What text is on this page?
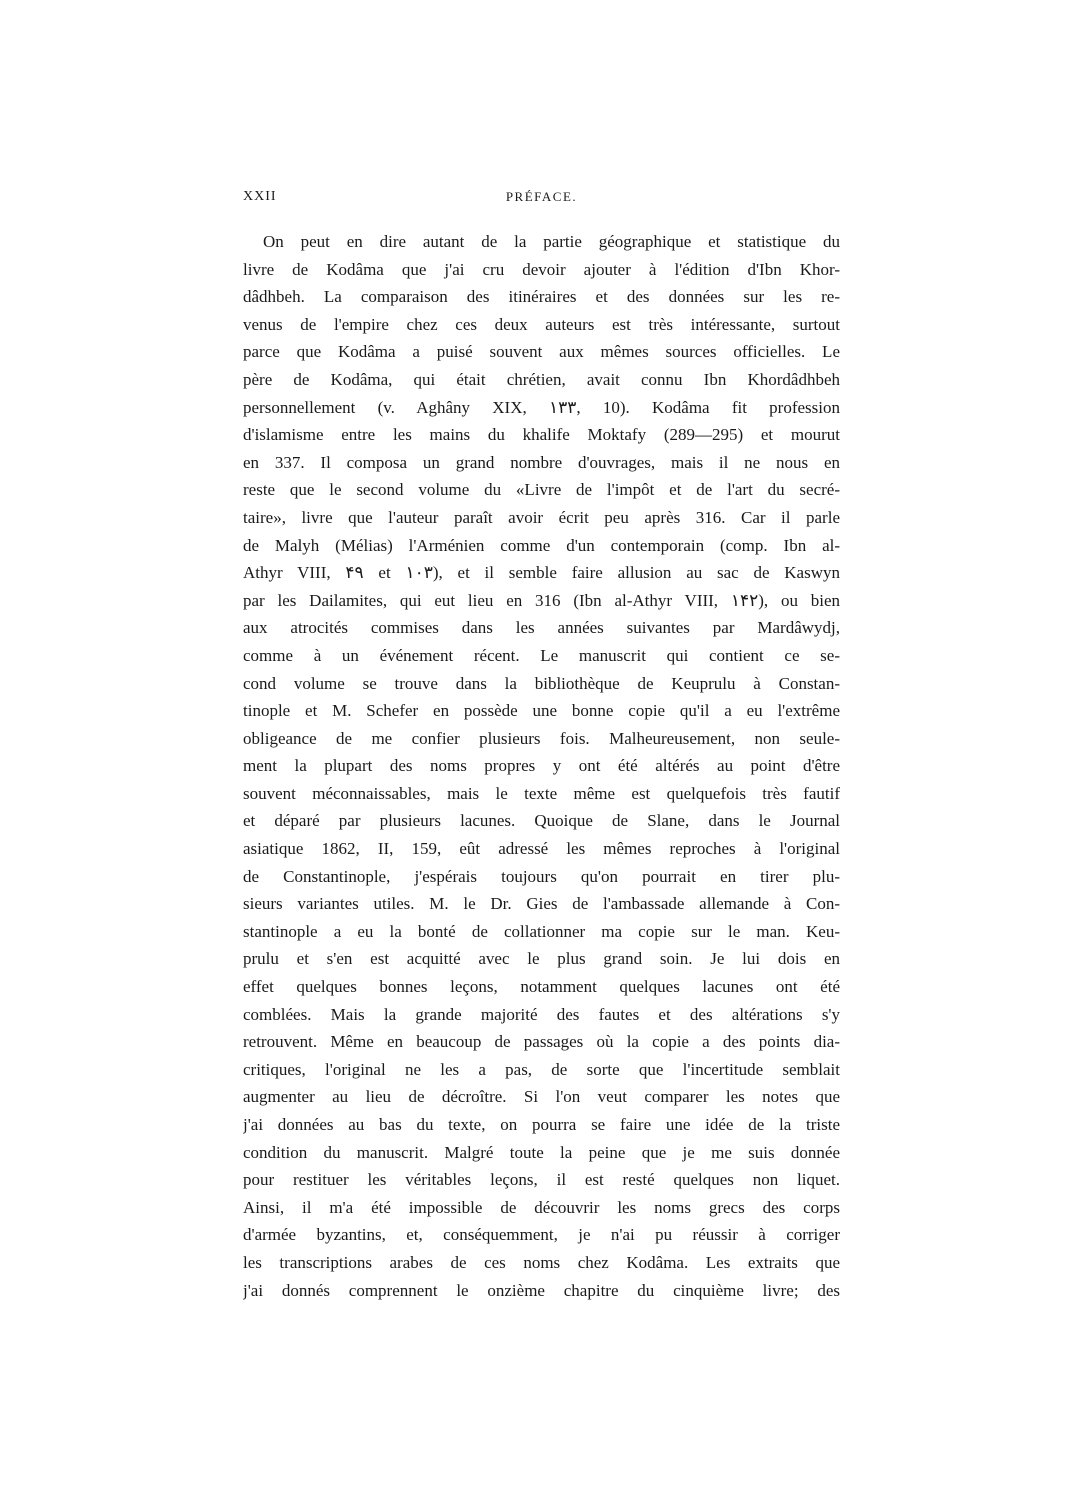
XXII	PRÉFACE.
On peut en dire autant de la partie géographique et statistique du
livre de Kodâma que j'ai cru devoir ajouter à l'édition d'Ibn Khor-
dâdhbeh. La comparaison des itinéraires et des données sur les re-
venus de l'empire chez ces deux auteurs est très intéressante, surtout
parce que Kodâma a puisé souvent aux mêmes sources officielles. Le
père de Kodâma, qui était chrétien, avait connu Ibn Khordâdhbeh
personnellement (v. Aghâny XIX, ۱۳۳, 10). Kodâma fit profession
d'islamisme entre les mains du khalife Moktafy (289—295) et mourut
en 337. Il composa un grand nombre d'ouvrages, mais il ne nous en
reste que le second volume du «Livre de l'impôt et de l'art du secré-
taire», livre que l'auteur paraît avoir écrit peu après 316. Car il parle
de Malyh (Mélias) l'Arménien comme d'un contemporain (comp. Ibn al-
Athyr VIII, ۴۹ et ۱۰۳), et il semble faire allusion au sac de Kaswyn
par les Dailamites, qui eut lieu en 316 (Ibn al-Athyr VIII, ۱۴۲), ou bien
aux atrocités commises dans les années suivantes par Mardâwydj,
comme à un événement récent. Le manuscrit qui contient ce se-
cond volume se trouve dans la bibliothèque de Keuprulu à Constan-
tinople et M. Schefer en possède une bonne copie qu'il a eu l'extrême
obligeance de me confier plusieurs fois. Malheureusement, non seule-
ment la plupart des noms propres y ont été altérés au point d'être
souvent méconnaissables, mais le texte même est quelquefois très fautif
et déparé par plusieurs lacunes. Quoique de Slane, dans le Journal
asiatique 1862, II, 159, eût adressé les mêmes reproches à l'original
de Constantinople, j'espérais toujours qu'on pourrait en tirer plu-
sieurs variantes utiles. M. le Dr. Gies de l'ambassade allemande à Con-
stantinople a eu la bonté de collationner ma copie sur le man. Keu-
prulu et s'en est acquitté avec le plus grand soin. Je lui dois en
effet quelques bonnes leçons, notamment quelques lacunes ont été
comblées. Mais la grande majorité des fautes et des altérations s'y
retrouvent. Même en beaucoup de passages où la copie a des points dia-
critiques, l'original ne les a pas, de sorte que l'incertitude semblait
augmenter au lieu de décroître. Si l'on veut comparer les notes que
j'ai données au bas du texte, on pourra se faire une idée de la triste
condition du manuscrit. Malgré toute la peine que je me suis donnée
pour restituer les véritables leçons, il est resté quelques non liquet.
Ainsi, il m'a été impossible de découvrir les noms grecs des corps
d'armée byzantins, et, conséquemment, je n'ai pu réussir à corriger
les transcriptions arabes de ces noms chez Kodâma. Les extraits que
j'ai donnés comprennent le onzième chapitre du cinquième livre; des
